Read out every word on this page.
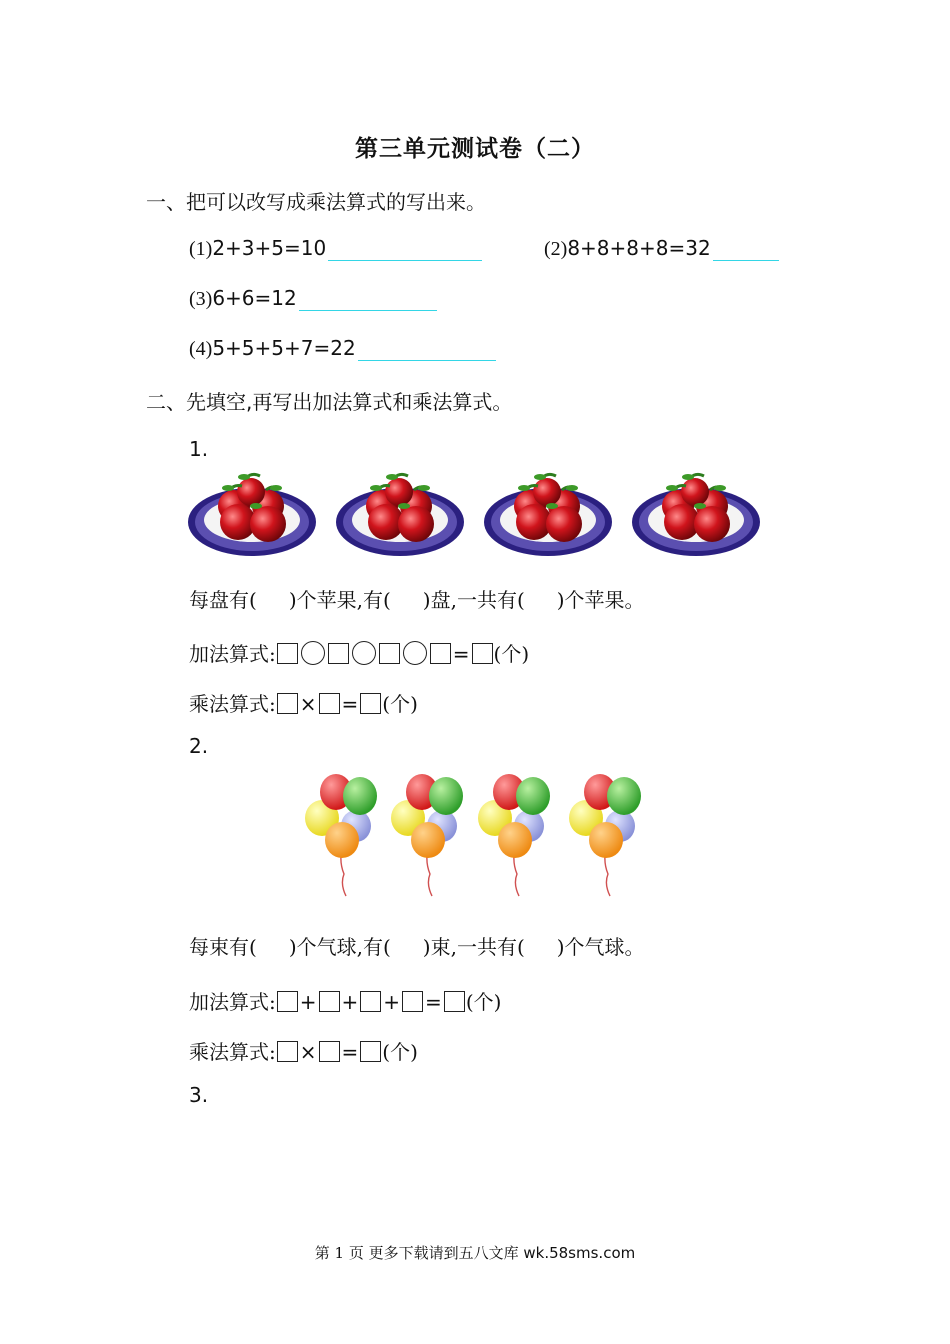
第三单元测试卷（二）
一、把可以改写成乘法算式的写出来。
(1)2+3+5=10	(2)8+8+8+8=32
(3)6+6=12
(4)5+5+5+7=22
二、先填空,再写出加法算式和乘法算式。
1.
每盘有( )个苹果,有( )盘,一共有( )个苹果。
加法算式:	= (个)
乘法算式: × = (个)
2.
每束有( )个气球,有( )束,一共有( )个气球。
加法算式: + + + = (个)
乘法算式: × = (个)
3.
第 1 页 更多下载请到五八文库 wk.58sms.com
